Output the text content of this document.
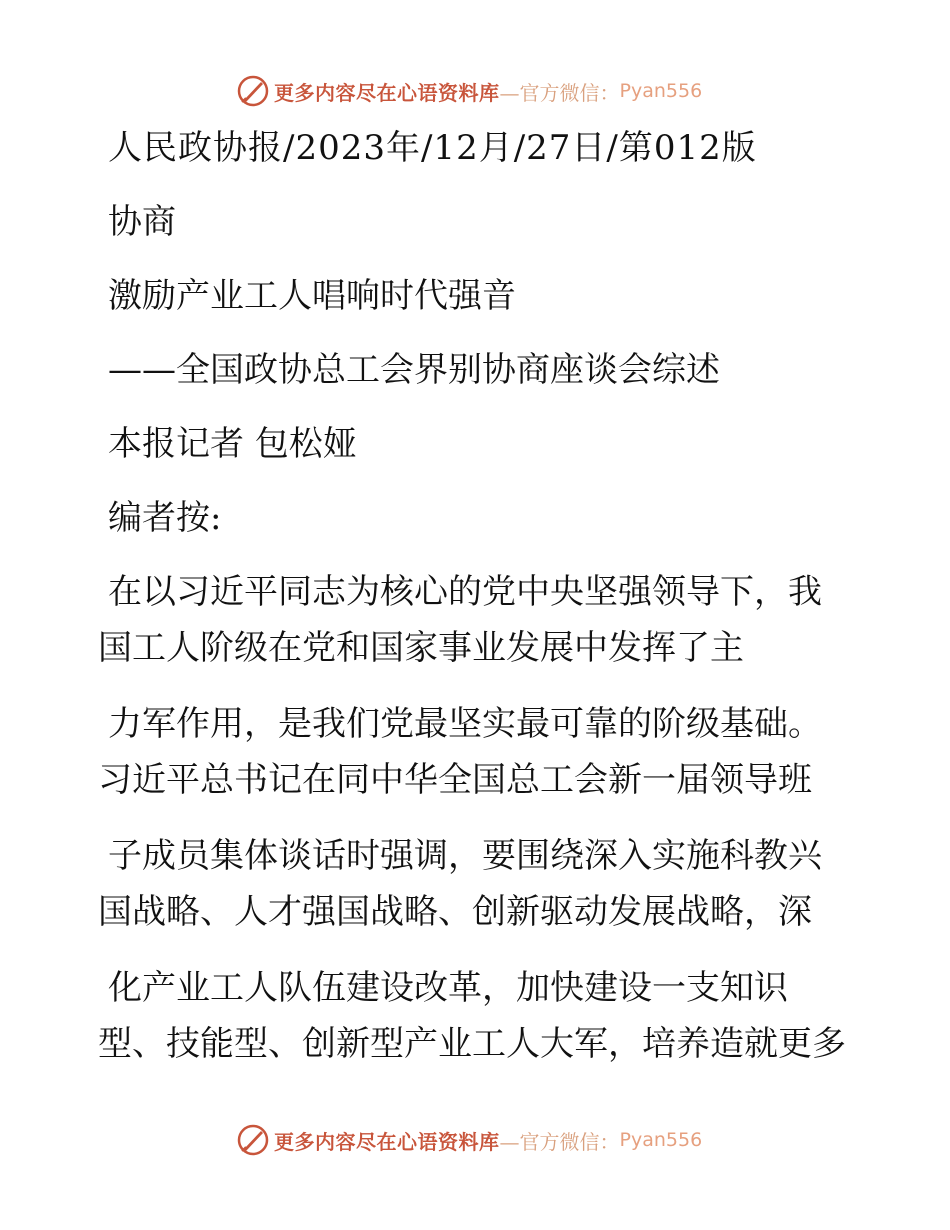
更多内容尽在心语资料库 —官方微信： Pyan556
人民政协报/2023年/12月/27日/第012版
协商
激励产业工人唱响时代强音
——全国政协总工会界别协商座谈会综述
本报记者 包松娅
编者按:
在以习近平同志为核心的党中央坚强领导下，我
国工人阶级在党和国家事业发展中发挥了主
力军作用，是我们党最坚实最可靠的阶级基础。
习近平总书记在同中华全国总工会新一届领导班
子成员集体谈话时强调，要围绕深入实施科教兴
国战略、人才强国战略、创新驱动发展战略，深
化产业工人队伍建设改革，加快建设一支知识
型、技能型、创新型产业工人大军，培养造就更多
更多内容尽在心语资料库 —官方微信： Pyan556
